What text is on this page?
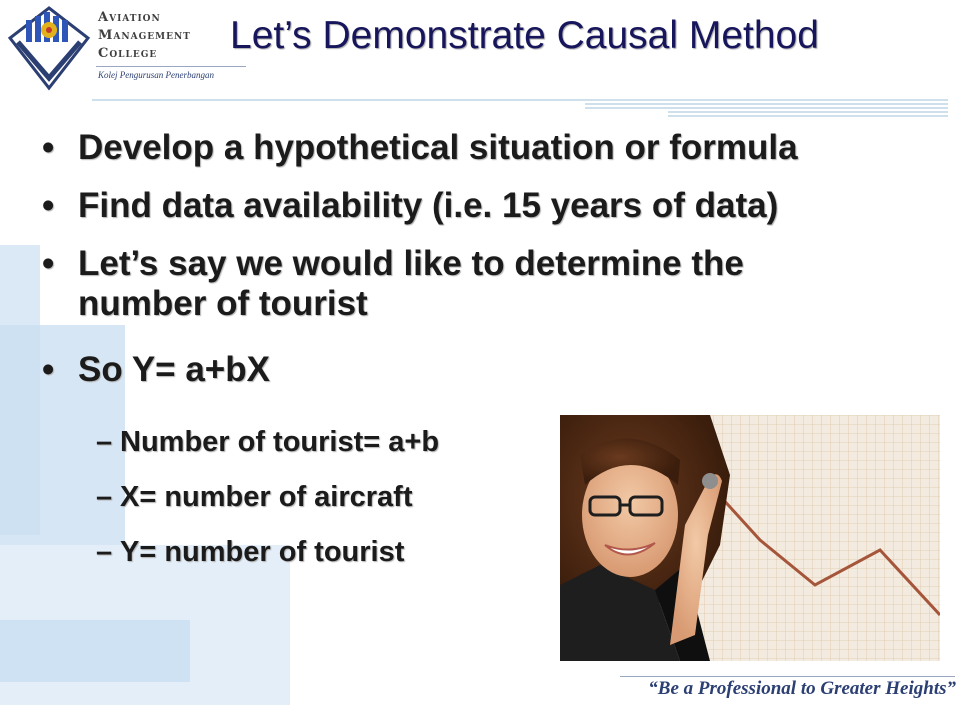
Aviation
Management
College
Kolej Pengurusan Penerbangan
Let’s Demonstrate Causal Method
• Develop a hypothetical situation or formula
• Find data availability (i.e. 15 years of data)
• Let’s say we would like to determine the number of tourist
• So Y= a+bX
– Number of tourist= a+b
– X= number of aircraft
– Y= number of tourist
“Be a Professional to Greater Heights”
